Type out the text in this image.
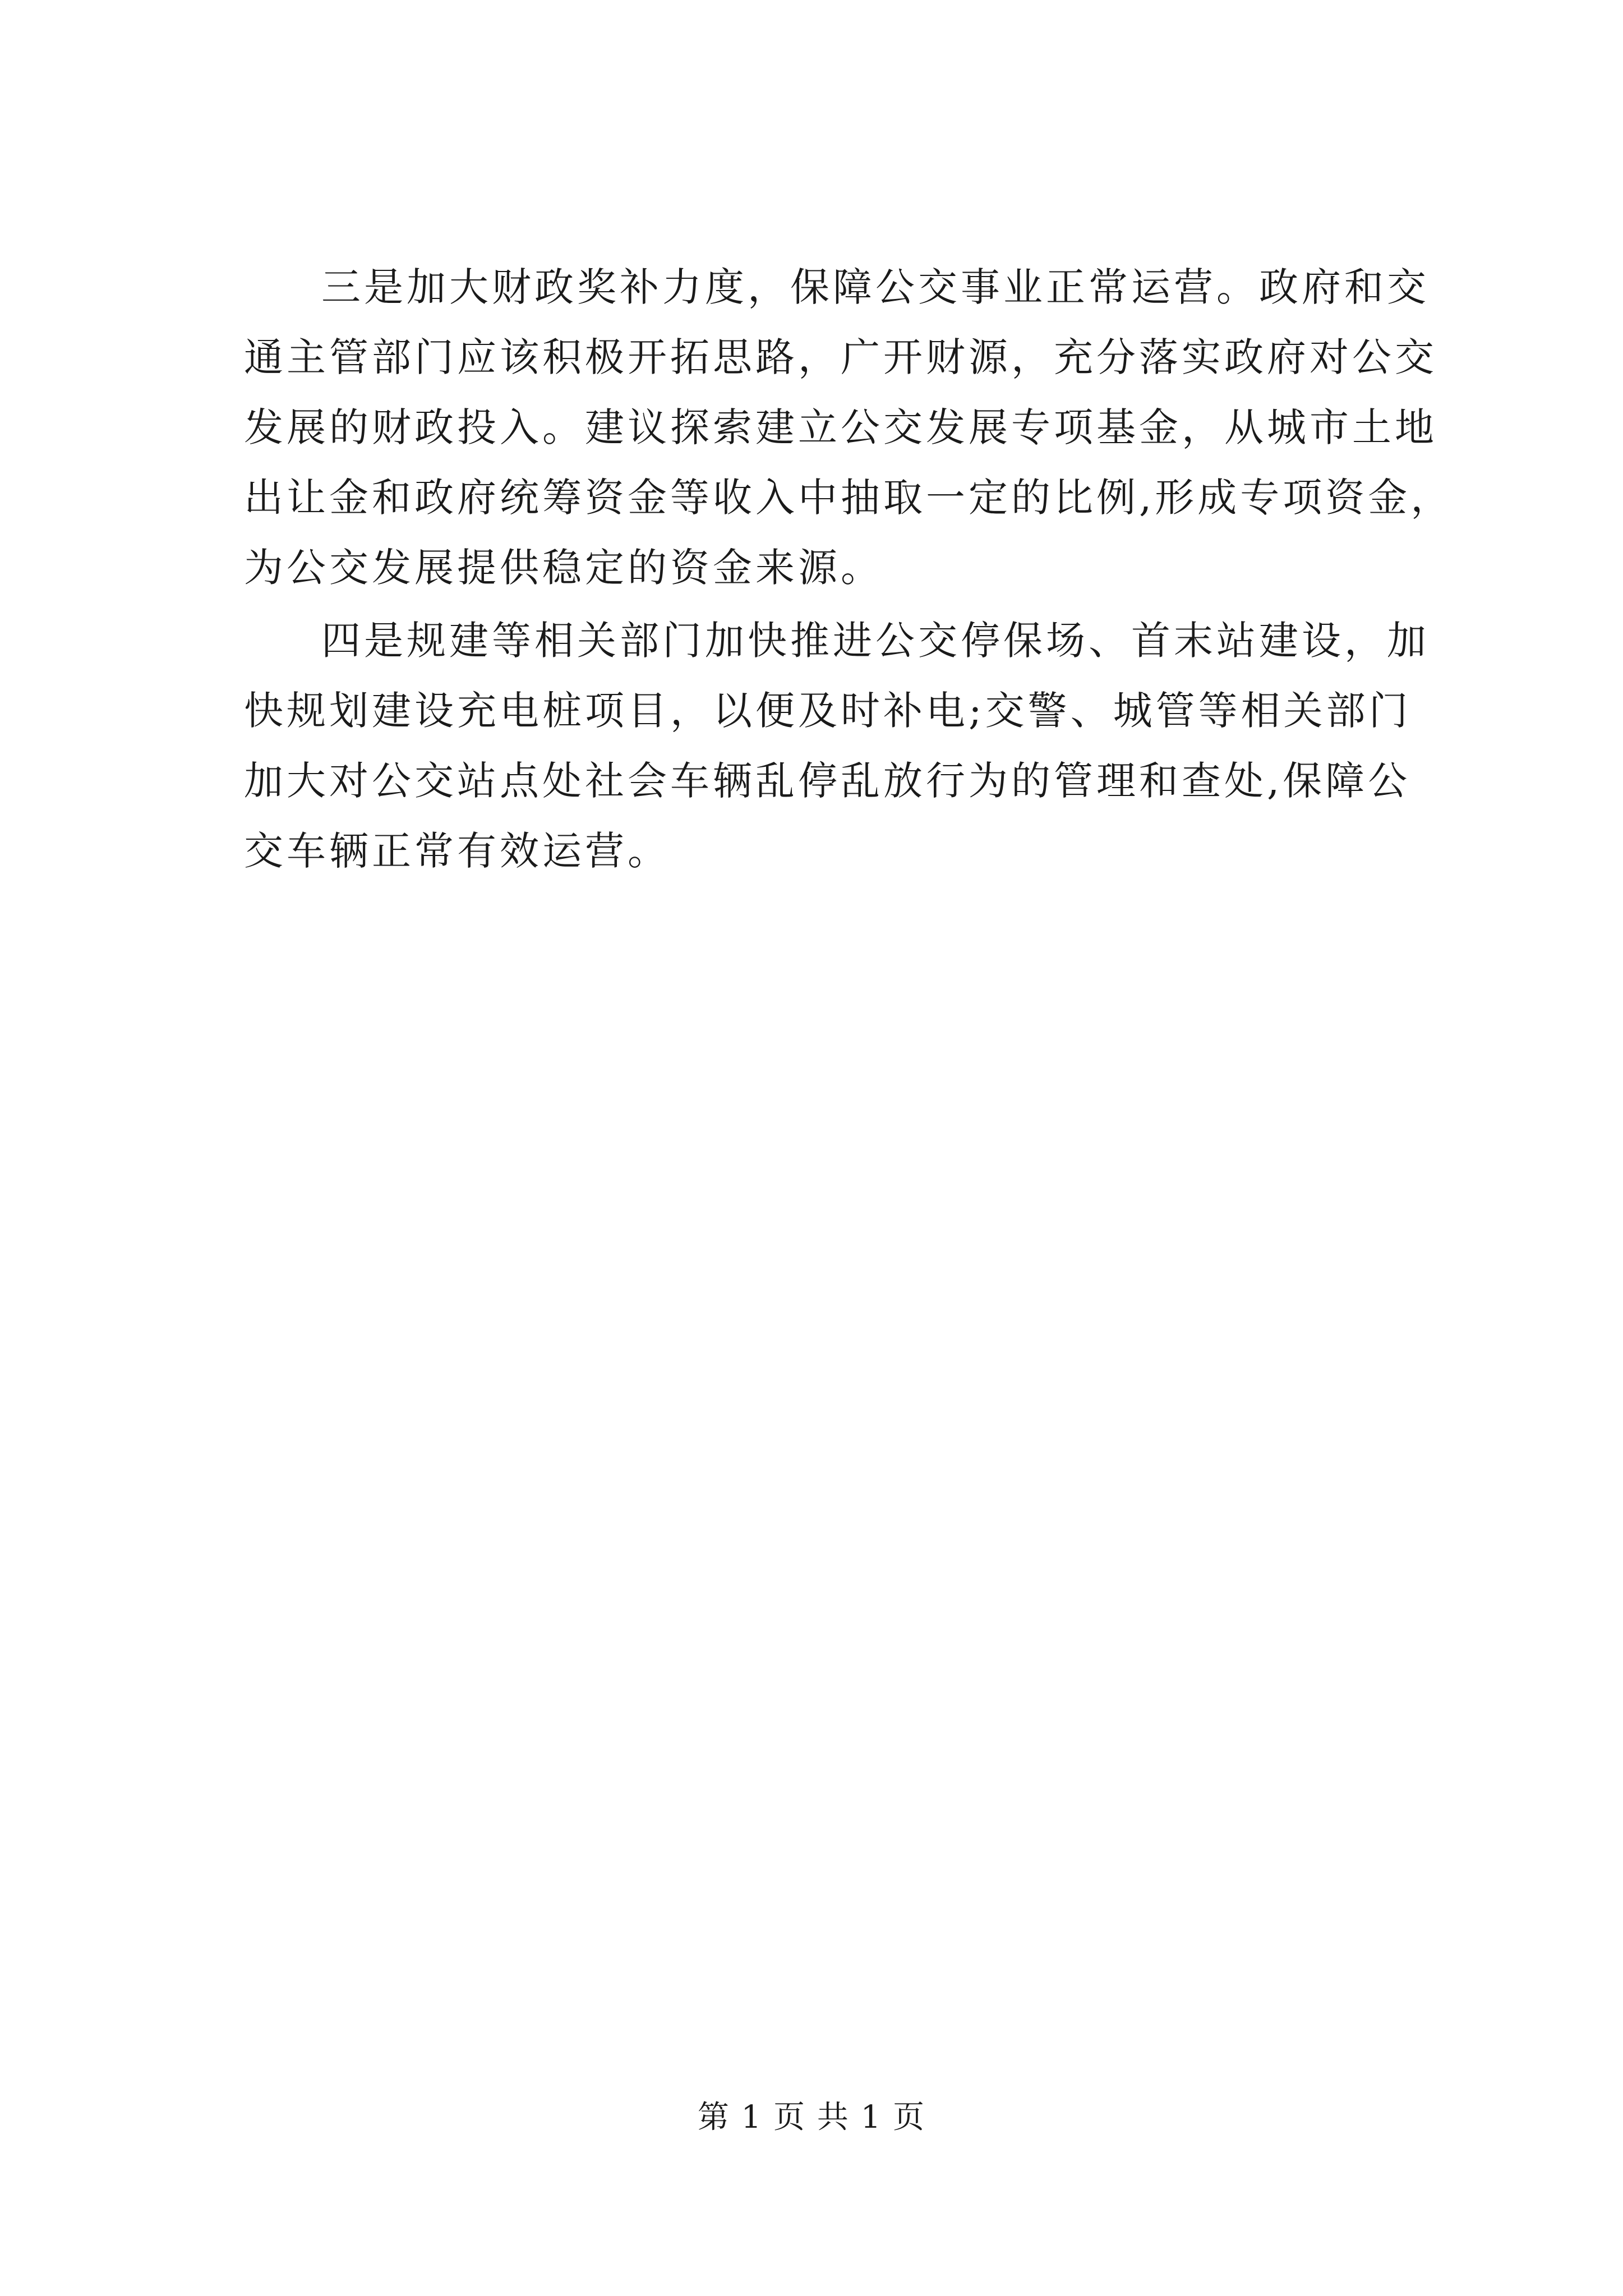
三是加大财政奖补力度，保障公交事业正常运营。政府和交
通主管部门应该积极开拓思路，广开财源，充分落实政府对公交
发展的财政投入。建议探索建立公交发展专项基金，从城市土地
出让金和政府统筹资金等收入中抽取一定的比例,形成专项资金，
为公交发展提供稳定的资金来源。
四是规建等相关部门加快推进公交停保场、首末站建设，加
快规划建设充电桩项目，以便及时补电;交警、城管等相关部门
加大对公交站点处社会车辆乱停乱放行为的管理和查处,保障公
交车辆正常有效运营。
第 1 页 共 1 页
